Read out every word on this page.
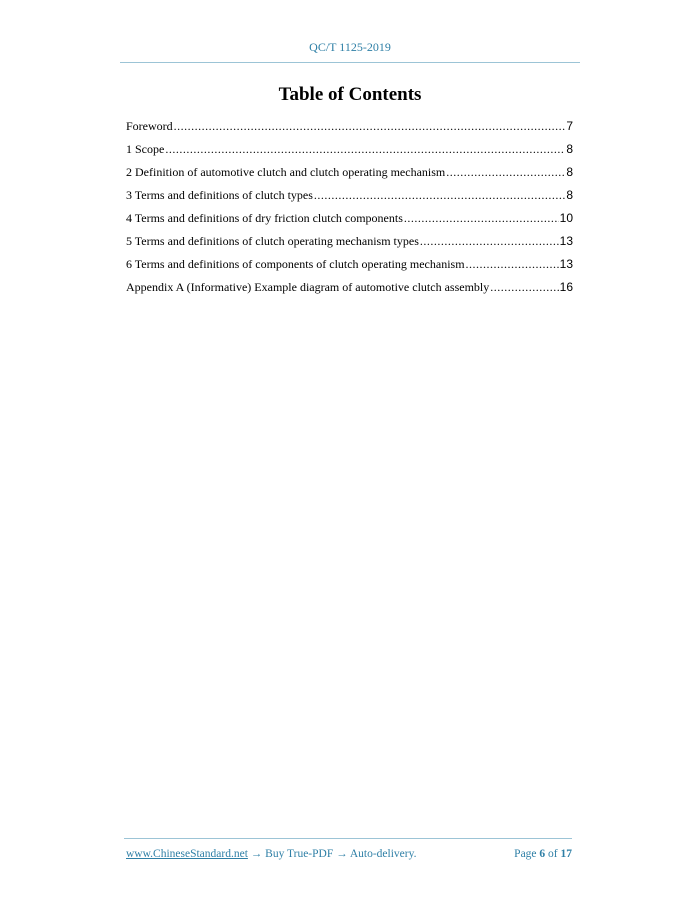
QC/T 1125-2019
Table of Contents
Foreword .....	7
1 Scope .....	8
2 Definition of automotive clutch and clutch operating mechanism .....	8
3 Terms and definitions of clutch types .....	8
4 Terms and definitions of dry friction clutch components .....	10
5 Terms and definitions of clutch operating mechanism types .....	13
6 Terms and definitions of components of clutch operating mechanism .....	13
Appendix A (Informative) Example diagram of automotive clutch assembly .....	16
www.ChineseStandard.net → Buy True-PDF → Auto-delivery.	Page 6 of 17
